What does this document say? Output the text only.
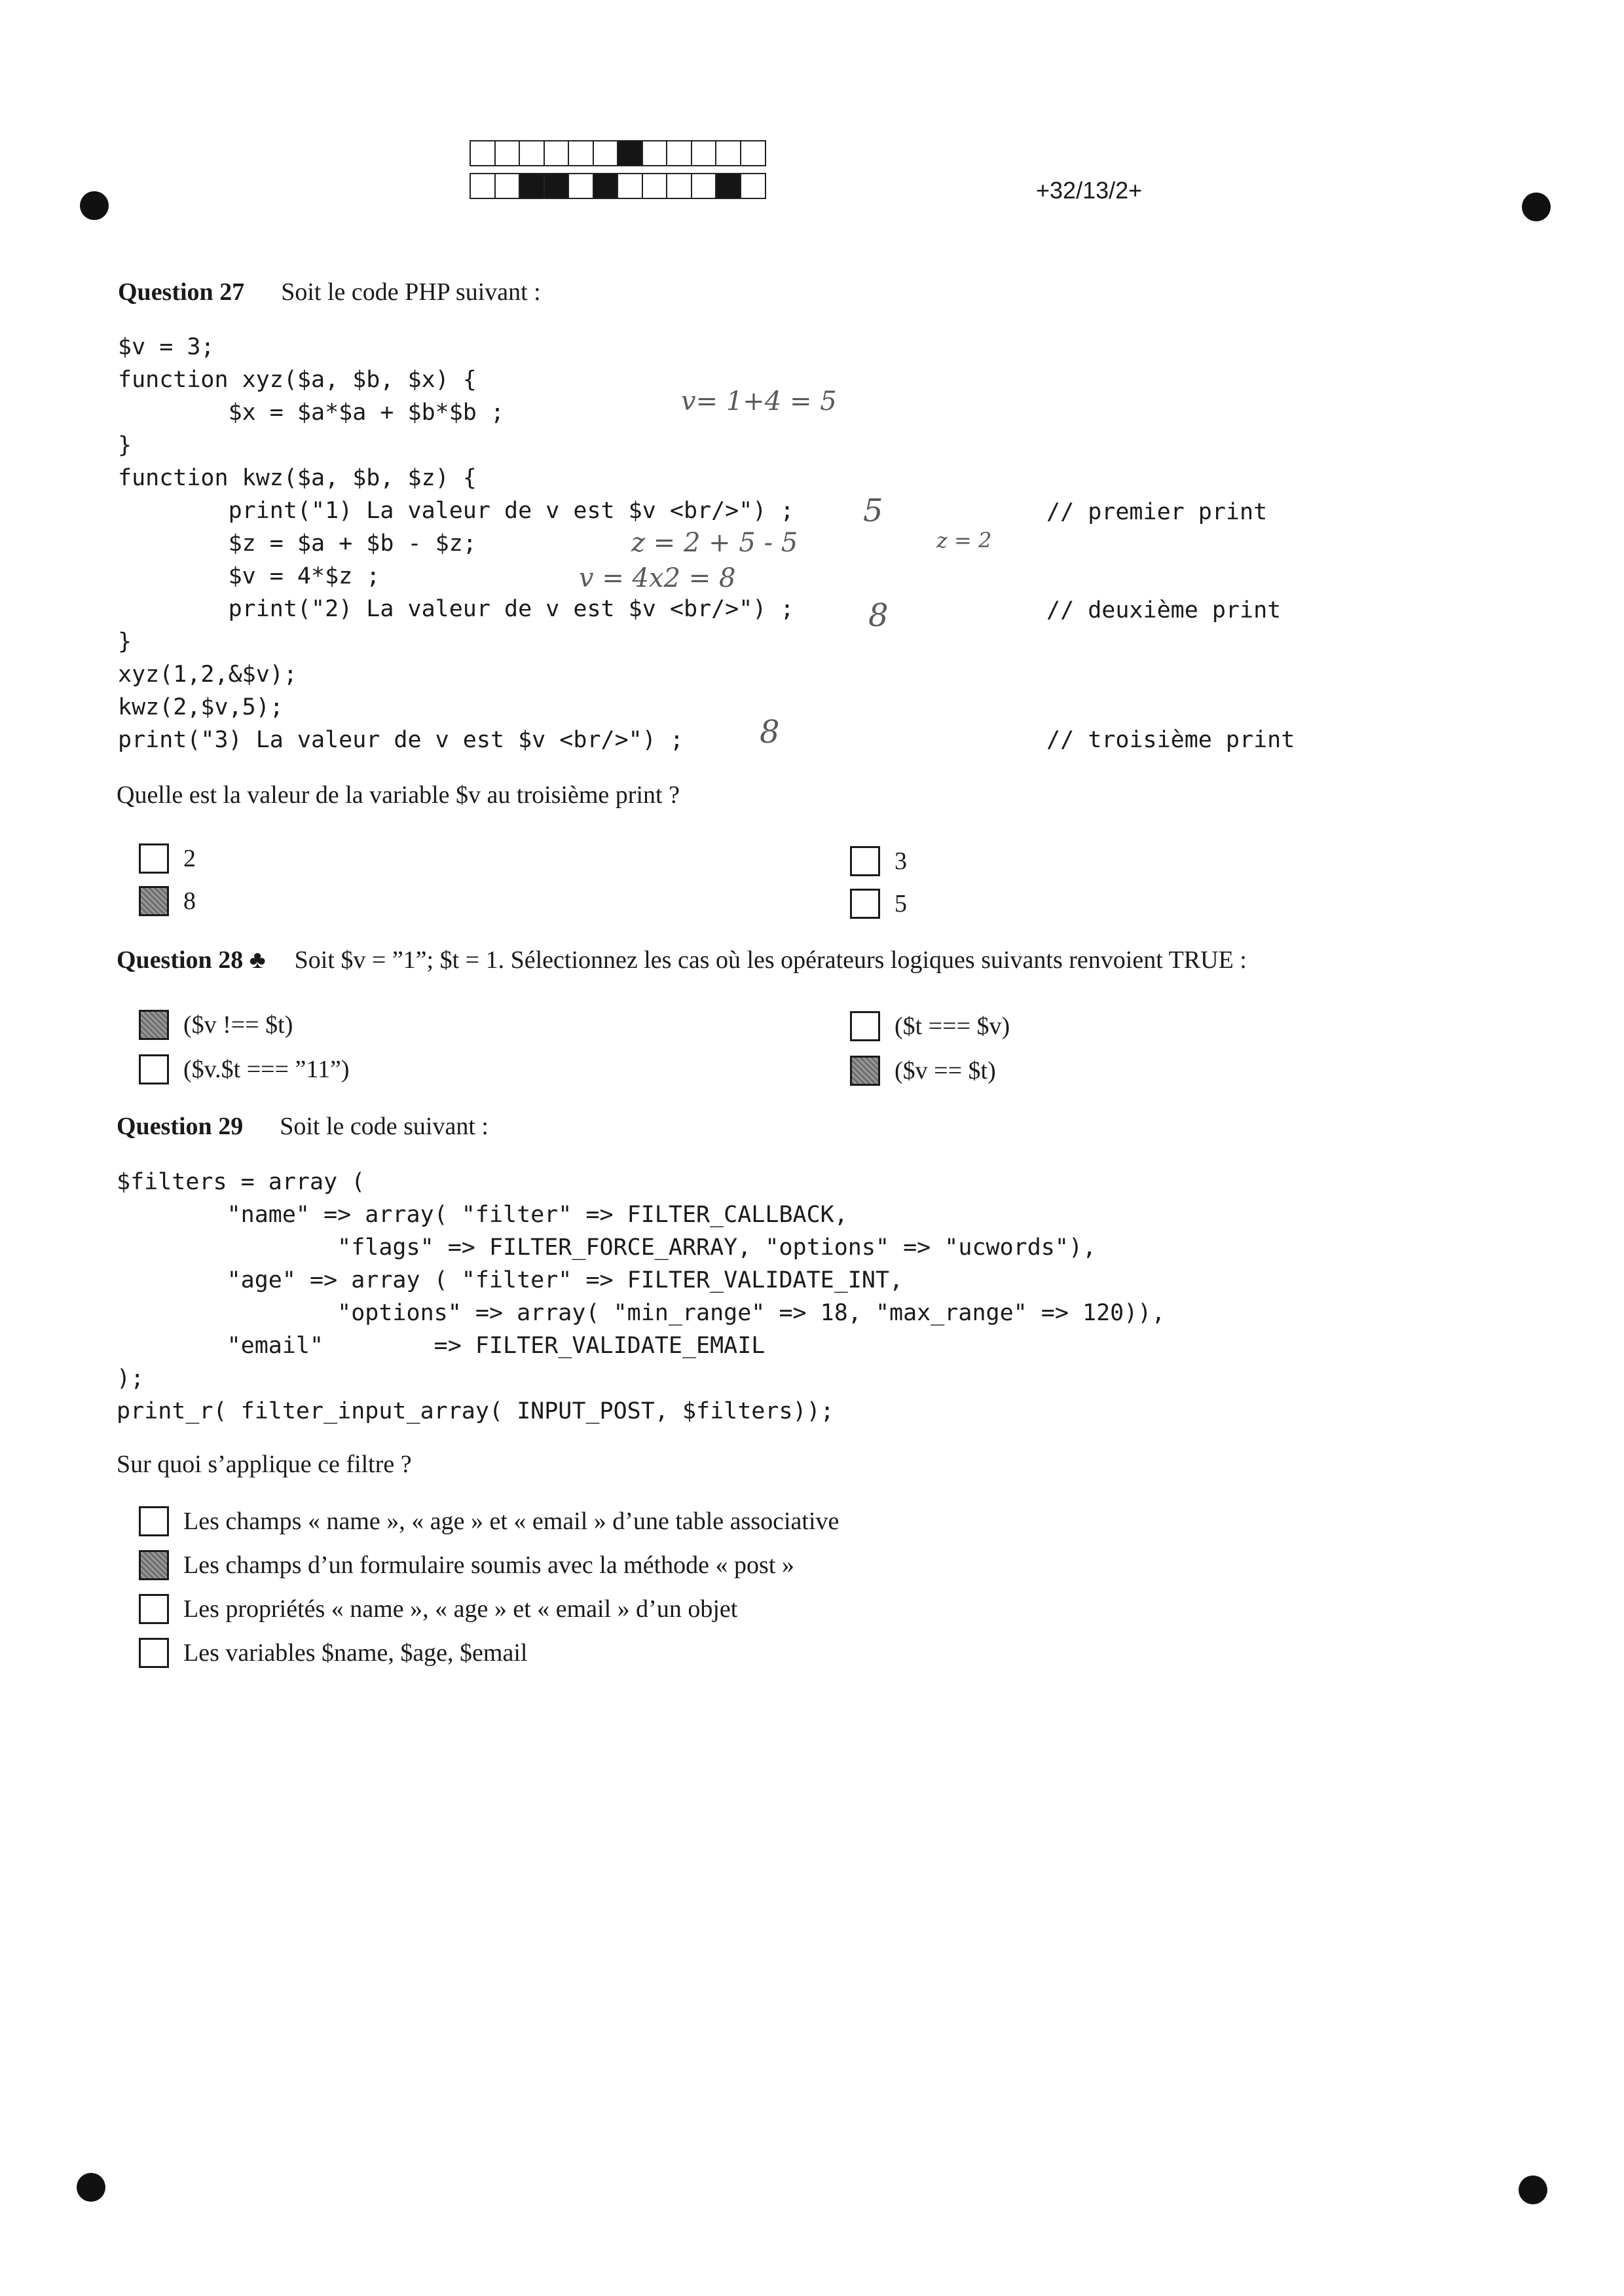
+32/13/2+
Question 27 Soit le code PHP suivant :
$v = 3;
function xyz($a, $b, $x) {
$x = $a*$a + $b*$b ;
}
function kwz($a, $b, $z) {
print("1) La valeur de v est $v <br/>") ;
$z = $a + $b - $z;
$v = 4*$z ;
print("2) La valeur de v est $v <br/>") ;
}
xyz(1,2,&$v);
kwz(2,$v,5);
print("3) La valeur de v est $v <br/>") ;
// premier print
// deuxième print
// troisième print
v= 1+4 = 5
5
z = 2 + 5 - 5	z = 2
v = 4x2 = 8
8
8
Quelle est la valeur de la variable $v au troisième print ?
2	3
8	5
Question 28 ♣ Soit $v = ”1”; $t = 1. Sélectionnez les cas où les opérateurs logiques suivants renvoient TRUE :
($v !== $t)	($t === $v)
($v.$t === ”11”)	($v == $t)
Question 29 Soit le code suivant :
$filters = array (
"name" => array( "filter" => FILTER_CALLBACK,
"flags" => FILTER_FORCE_ARRAY, "options" => "ucwords"),
"age" => array ( "filter" => FILTER_VALIDATE_INT,
"options" => array( "min_range" => 18, "max_range" => 120)),
"email"        => FILTER_VALIDATE_EMAIL
);
print_r( filter_input_array( INPUT_POST, $filters));
Sur quoi s’applique ce filtre ?
Les champs « name », « age » et « email » d’une table associative
Les champs d’un formulaire soumis avec la méthode « post »
Les propriétés « name », « age » et « email » d’un objet
Les variables $name, $age, $email
